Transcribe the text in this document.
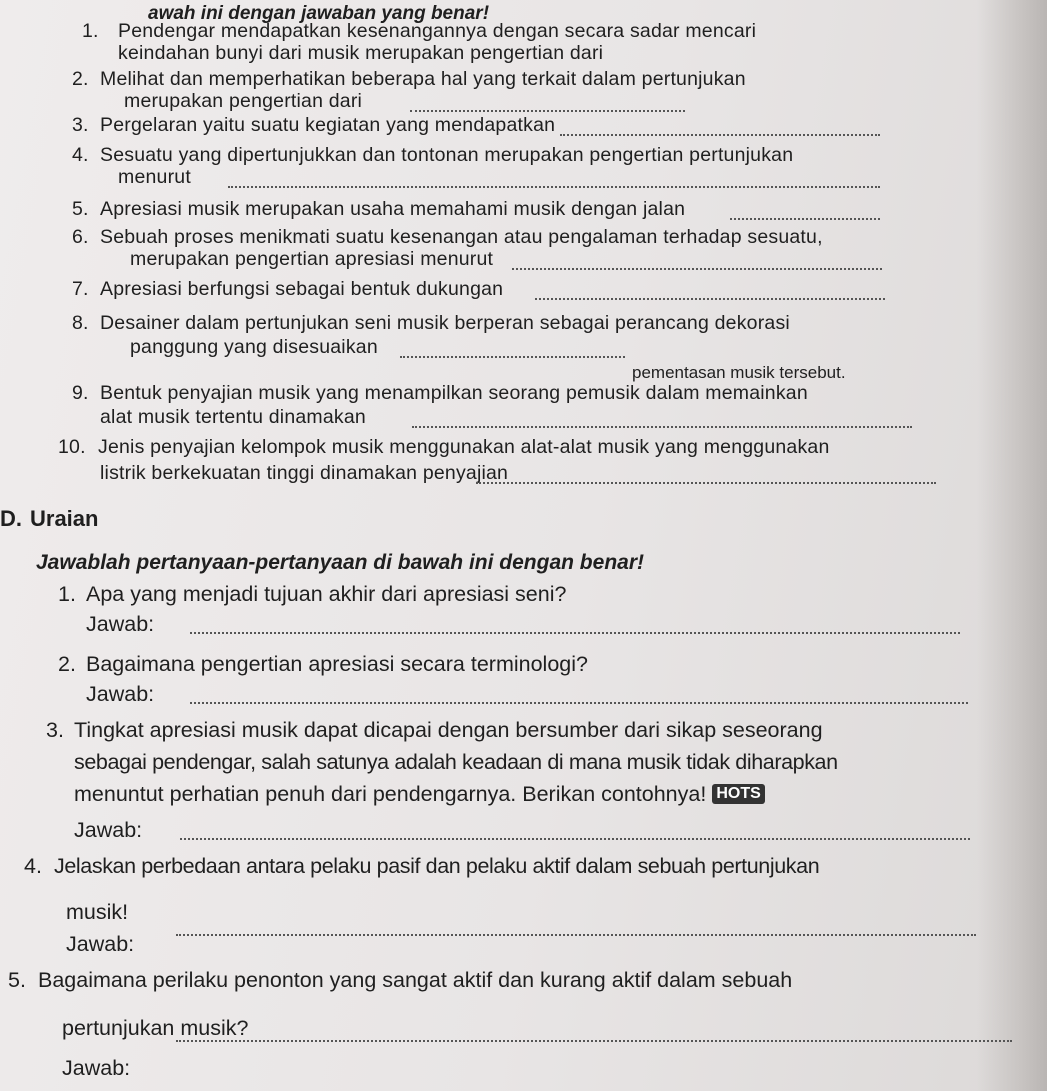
awah ini dengan jawaban yang benar!
1. Pendengar mendapatkan kesenangannya dengan secara sadar mencari
keindahan bunyi dari musik merupakan pengertian dari
2. Melihat dan memperhatikan beberapa hal yang terkait dalam pertunjukan
merupakan pengertian dari
3. Pergelaran yaitu suatu kegiatan yang mendapatkan
4. Sesuatu yang dipertunjukkan dan tontonan merupakan pengertian pertunjukan
menurut
5. Apresiasi musik merupakan usaha memahami musik dengan jalan
6. Sebuah proses menikmati suatu kesenangan atau pengalaman terhadap sesuatu,
merupakan pengertian apresiasi menurut
7. Apresiasi berfungsi sebagai bentuk dukungan
8. Desainer dalam pertunjukan seni musik berperan sebagai perancang dekorasi
panggung yang disesuaikan
pementasan musik tersebut.
9. Bentuk penyajian musik yang menampilkan seorang pemusik dalam memainkan
alat musik tertentu dinamakan
10. Jenis penyajian kelompok musik menggunakan alat-alat musik yang menggunakan
listrik berkekuatan tinggi dinamakan penyajian
D. Uraian
Jawablah pertanyaan-pertanyaan di bawah ini dengan benar!
1. Apa yang menjadi tujuan akhir dari apresiasi seni?
Jawab:
2. Bagaimana pengertian apresiasi secara terminologi?
Jawab:
3. Tingkat apresiasi musik dapat dicapai dengan bersumber dari sikap seseorang
sebagai pendengar, salah satunya adalah keadaan di mana musik tidak diharapkan
menuntut perhatian penuh dari pendengarnya. Berikan contohnya! HOTS
Jawab:
4. Jelaskan perbedaan antara pelaku pasif dan pelaku aktif dalam sebuah pertunjukan
musik!
Jawab:
5. Bagaimana perilaku penonton yang sangat aktif dan kurang aktif dalam sebuah
pertunjukan musik?
Jawab:
